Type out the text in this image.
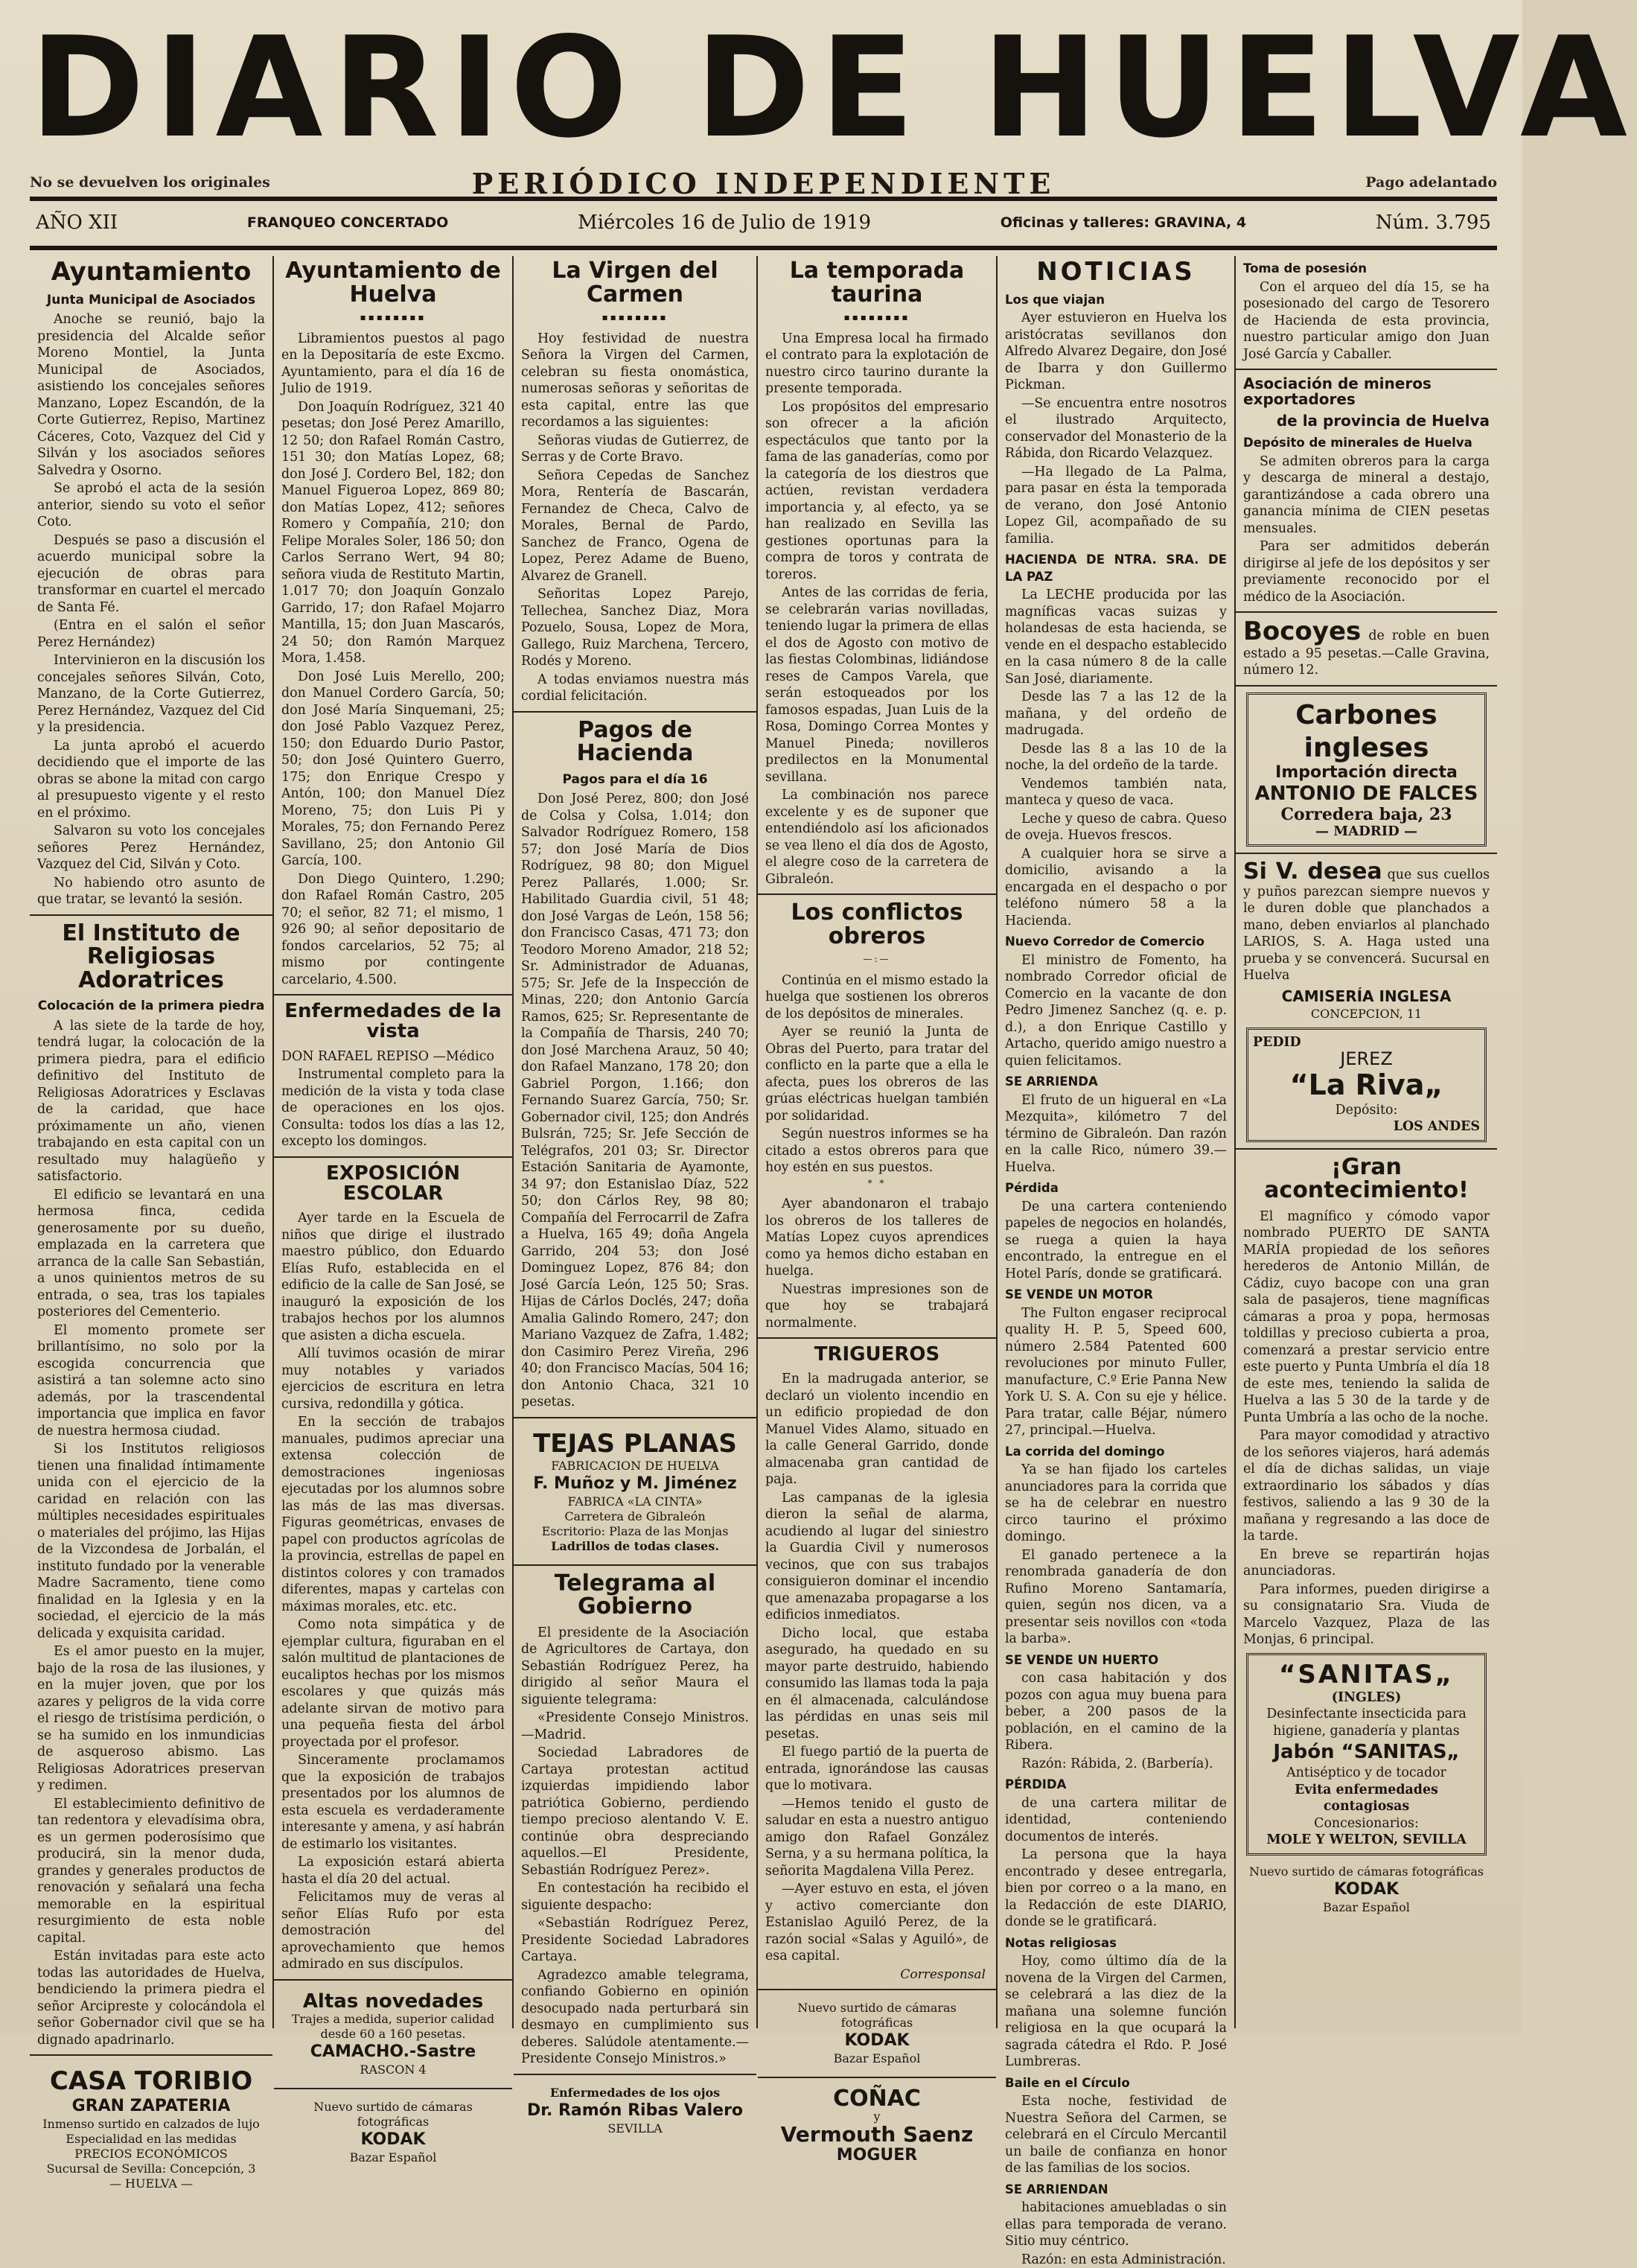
DIARIO DE HUELVA
No se devuelven los originales	PERIÓDICO INDEPENDIENTE	Pago adelantado
AÑO XII	FRANQUEO CONCERTADO	Miércoles 16 de Julio de 1919	Oficinas y talleres: GRAVINA, 4	Núm. 3.795
Ayuntamiento
Junta Municipal de Asociados

Anoche se reunió, bajo la presidencia del Alcalde señor Moreno Montiel, la Junta Municipal de Asociados, asistiendo los concejales señores Manzano, Lopez Escandón, de la Corte Gutierrez, Repiso, Martinez Cáceres, Coto, Vazquez del Cid y Silván y los asociados señores Salvedra y Osorno.

Se aprobó el acta de la sesión anterior, siendo su voto el señor Coto.

Después se paso a discusión el acuerdo municipal sobre la ejecución de obras para transformar en cuartel el mercado de Santa Fé.

(Entra en el salón el señor Perez Hernández)

Intervinieron en la discusión los concejales señores Silván, Coto, Manzano, de la Corte Gutierrez, Perez Hernández, Vazquez del Cid y la presidencia.

La junta aprobó el acuerdo decidiendo que el importe de las obras se abone la mitad con cargo al presupuesto vigente y el resto en el próximo.

Salvaron su voto los concejales señores Perez Hernández, Vazquez del Cid, Silván y Coto.

No habiendo otro asunto de que tratar, se levantó la sesión.

El Instituto de Religiosas Adoratrices
Colocación de la primera piedra

A las siete de la tarde de hoy, tendrá lugar, la colocación de la primera piedra, para el edificio definitivo del Instituto de Religiosas Adoratrices y Esclavas de la caridad, que hace próximamente un año, vienen trabajando en esta capital con un resultado muy halagüeño y satisfactorio.

El edificio se levantará en una hermosa finca, cedida generosamente por su dueño, emplazada en la carretera que arranca de la calle San Sebastián, a unos quinientos metros de su entrada, o sea, tras los tapiales posteriores del Cementerio.

El momento promete ser brillantísimo, no solo por la escogida concurrencia que asistirá a tan solemne acto sino además, por la trascendental importancia que implica en favor de nuestra hermosa ciudad.

Si los Institutos religiosos tienen una finalidad íntimamente unida con el ejercicio de la caridad en relación con las múltiples necesidades espirituales o materiales del prójimo, las Hijas de la Vizcondesa de Jorbalán, el instituto fundado por la venerable Madre Sacramento, tiene como finalidad en la Iglesia y en la sociedad, el ejercicio de la más delicada y exquisita caridad.

Es el amor puesto en la mujer, bajo de la rosa de las ilusiones, y en la mujer joven, que por los azares y peligros de la vida corre el riesgo de tristísima perdición, o se ha sumido en los inmundicias de asqueroso abismo. Las Religiosas Adoratrices preservan y redimen.

El establecimiento definitivo de tan redentora y elevadísima obra, es un germen poderosísimo que producirá, sin la menor duda, grandes y generales productos de renovación y señalará una fecha memorable en la espiritual resurgimiento de esta noble capital.

Están invitadas para este acto todas las autoridades de Huelva, bendiciendo la primera piedra el señor Arcipreste y colocándola el señor Gobernador civil que se ha dignado apadrinarlo.

CASA TORIBIO
GRAN ZAPATERIA
Inmenso surtido en calzados de lujo
Especialidad en las medidas
PRECIOS ECONÓMICOS
Sucursal de Sevilla: Concepción, 3
— HUELVA —
Ayuntamiento de Huelva
▪▪▪▪▪▪▪▪

Libramientos puestos al pago en la Depositaría de este Excmo. Ayuntamiento, para el día 16 de Julio de 1919.

Don Joaquín Rodríguez, 321 40 pesetas; don José Perez Amarillo, 12 50; don Rafael Román Castro, 151 30; don Matías Lopez, 68; don José J. Cordero Bel, 182; don Manuel Figueroa Lopez, 869 80; don Matías Lopez, 412; señores Romero y Compañía, 210; don Felipe Morales Soler, 186 50; don Carlos Serrano Wert, 94 80; señora viuda de Restituto Martin, 1.017 70; don Joaquín Gonzalo Garrido, 17; don Rafael Mojarro Mantilla, 15; don Juan Mascarós, 24 50; don Ramón Marquez Mora, 1.458.

Don José Luis Merello, 200; don Manuel Cordero García, 50; don José María Sinquemani, 25; don José Pablo Vazquez Perez, 150; don Eduardo Durio Pastor, 50; don José Quintero Guerro, 175; don Enrique Crespo y Antón, 100; don Manuel Díez Moreno, 75; don Luis Pi y Morales, 75; don Fernando Perez Savillano, 25; don Antonio Gil García, 100.

Don Diego Quintero, 1.290; don Rafael Román Castro, 205 70; el señor, 82 71; el mismo, 1 926 90; al señor depositario de fondos carcelarios, 52 75; al mismo por contingente carcelario, 4.500.

Enfermedades de la vista

DON RAFAEL REPISO —Médico

Instrumental completo para la medición de la vista y toda clase de operaciones en los ojos. Consulta: todos los días a las 12, excepto los domingos.

EXPOSICIÓN ESCOLAR

Ayer tarde en la Escuela de niños que dirige el ilustrado maestro público, don Eduardo Elías Rufo, establecida en el edificio de la calle de San José, se inauguró la exposición de los trabajos hechos por los alumnos que asisten a dicha escuela.

Allí tuvimos ocasión de mirar muy notables y variados ejercicios de escritura en letra cursiva, redondilla y gótica.

En la sección de trabajos manuales, pudimos apreciar una extensa colección de demostraciones ingeniosas ejecutadas por los alumnos sobre las más de las mas diversas. Figuras geométricas, envases de papel con productos agrícolas de la provincia, estrellas de papel en distintos colores y con tramados diferentes, mapas y cartelas con máximas morales, etc. etc.

Como nota simpática y de ejemplar cultura, figuraban en el salón multitud de plantaciones de eucaliptos hechas por los mismos escolares y que quizás más adelante sirvan de motivo para una pequeña fiesta del árbol proyectada por el profesor.

Sinceramente proclamamos que la exposición de trabajos presentados por los alumnos de esta escuela es verdaderamente interesante y amena, y así habrán de estimarlo los visitantes.

La exposición estará abierta hasta el día 20 del actual.

Felicitamos muy de veras al señor Elías Rufo por esta demostración del aprovechamiento que hemos admirado en sus discípulos.

Altas novedades
Trajes a medida, superior calidad desde 60 a 160 pesetas.
CAMACHO.-Sastre
RASCON 4
Nuevo surtido de cámaras fotográficas
KODAK
Bazar Español
La Virgen del Carmen
▪▪▪▪▪▪▪▪

Hoy festividad de nuestra Señora la Virgen del Carmen, celebran su fiesta onomástica, numerosas señoras y señoritas de esta capital, entre las que recordamos a las siguientes:

Señoras viudas de Gutierrez, de Serras y de Corte Bravo.

Señora Cepedas de Sanchez Mora, Rentería de Bascarán, Fernandez de Checa, Calvo de Morales, Bernal de Pardo, Sanchez de Franco, Ogena de Lopez, Perez Adame de Bueno, Alvarez de Granell.

Señoritas Lopez Parejo, Tellechea, Sanchez Diaz, Mora Pozuelo, Sousa, Lopez de Mora, Gallego, Ruiz Marchena, Tercero, Rodés y Moreno.

A todas enviamos nuestra más cordial felicitación.

Pagos de Hacienda
Pagos para el día 16

Don José Perez, 800; don José de Colsa y Colsa, 1.014; don Salvador Rodríguez Romero, 158 57; don José María de Dios Rodríguez, 98 80; don Miguel Perez Pallarés, 1.000; Sr. Habilitado Guardia civil, 51 48; don José Vargas de León, 158 56; don Francisco Casas, 471 73; don Teodoro Moreno Amador, 218 52; Sr. Administrador de Aduanas, 575; Sr. Jefe de la Inspección de Minas, 220; don Antonio García Ramos, 625; Sr. Representante de la Compañía de Tharsis, 240 70; don José Marchena Arauz, 50 40; don Rafael Manzano, 178 20; don Gabriel Porgon, 1.166; don Fernando Suarez García, 750; Sr. Gobernador civil, 125; don Andrés Bulsrán, 725; Sr. Jefe Sección de Telégrafos, 201 03; Sr. Director Estación Sanitaria de Ayamonte, 34 97; don Estanislao Díaz, 522 50; don Cárlos Rey, 98 80; Compañía del Ferrocarril de Zafra a Huelva, 165 49; doña Angela Garrido, 204 53; don José Dominguez Lopez, 876 84; don José García León, 125 50; Sras. Hijas de Cárlos Doclés, 247; doña Amalia Galindo Romero, 247; don Mariano Vazquez de Zafra, 1.482; don Casimiro Perez Vireña, 296 40; don Francisco Macías, 504 16; don Antonio Chaca, 321 10 pesetas.

TEJAS PLANAS
FABRICACION DE HUELVA
F. Muñoz y M. Jiménez
FABRICA «LA CINTA»
Carretera de Gibraleón
Escritorio: Plaza de las Monjas
Ladrillos de todas clases.
Telegrama al Gobierno

El presidente de la Asociación de Agricultores de Cartaya, don Sebastián Rodríguez Perez, ha dirigido al señor Maura el siguiente telegrama:

«Presidente Consejo Ministros.—Madrid.

Sociedad Labradores de Cartaya protestan actitud izquierdas impidiendo labor patriótica Gobierno, perdiendo tiempo precioso alentando V. E. continúe obra despreciando aquellos.—El Presidente, Sebastián Rodríguez Perez».

En contestación ha recibido el siguiente despacho:

«Sebastián Rodríguez Perez, Presidente Sociedad Labradores Cartaya.

Agradezco amable telegrama, confiando Gobierno en opinión desocupado nada perturbará sin desmayo en cumplimiento sus deberes. Salúdole atentamente.—Presidente Consejo Ministros.»

Enfermedades de los ojos
Dr. Ramón Ribas Valero
SEVILLA
La temporada taurina
▪▪▪▪▪▪▪▪

Una Empresa local ha firmado el contrato para la explotación de nuestro circo taurino durante la presente temporada.

Los propósitos del empresario son ofrecer a la afición espectáculos que tanto por la fama de las ganaderías, como por la categoría de los diestros que actúen, revistan verdadera importancia y, al efecto, ya se han realizado en Sevilla las gestiones oportunas para la compra de toros y contrata de toreros.

Antes de las corridas de feria, se celebrarán varias novilladas, teniendo lugar la primera de ellas el dos de Agosto con motivo de las fiestas Colombinas, lidiándose reses de Campos Varela, que serán estoqueados por los famosos espadas, Juan Luis de la Rosa, Domingo Correa Montes y Manuel Pineda; novilleros predilectos en la Monumental sevillana.

La combinación nos parece excelente y es de suponer que entendiéndolo así los aficionados se vea lleno el día dos de Agosto, el alegre coso de la carretera de Gibraleón.

Los conflictos obreros
—:—

Continúa en el mismo estado la huelga que sostienen los obreros de los depósitos de minerales.

Ayer se reunió la Junta de Obras del Puerto, para tratar del conflicto en la parte que a ella le afecta, pues los obreros de las grúas eléctricas huelgan también por solidaridad.

Según nuestros informes se ha citado a estos obreros para que hoy estén en sus puestos.

* *

Ayer abandonaron el trabajo los obreros de los talleres de Matías Lopez cuyos aprendices como ya hemos dicho estaban en huelga.

Nuestras impresiones son de que hoy se trabajará normalmente.

TRIGUEROS

En la madrugada anterior, se declaró un violento incendio en un edificio propiedad de don Manuel Vides Alamo, situado en la calle General Garrido, donde almacenaba gran cantidad de paja.

Las campanas de la iglesia dieron la señal de alarma, acudiendo al lugar del siniestro la Guardia Civil y numerosos vecinos, que con sus trabajos consiguieron dominar el incendio que amenazaba propagarse a los edificios inmediatos.

Dicho local, que estaba asegurado, ha quedado en su mayor parte destruido, habiendo consumido las llamas toda la paja en él almacenada, calculándose las pérdidas en unas seis mil pesetas.

El fuego partió de la puerta de entrada, ignorándose las causas que lo motivara.

—Hemos tenido el gusto de saludar en esta a nuestro antiguo amigo don Rafael González Serna, y a su hermana política, la señorita Magdalena Villa Perez.

—Ayer estuvo en esta, el jóven y activo comerciante don Estanislao Aguiló Perez, de la razón social «Salas y Aguiló», de esa capital.

Corresponsal
Nuevo surtido de cámaras fotográficas
KODAK
Bazar Español
COÑAC
y
Vermouth Saenz
MOGUER
NOTICIAS
Los que viajan

Ayer estuvieron en Huelva los aristócratas sevillanos don Alfredo Alvarez Degaire, don José de Ibarra y don Guillermo Pickman.

—Se encuentra entre nosotros el ilustrado Arquitecto, conservador del Monasterio de la Rábida, don Ricardo Velazquez.

—Ha llegado de La Palma, para pasar en ésta la temporada de verano, don José Antonio Lopez Gil, acompañado de su familia.

HACIENDA DE NTRA. SRA. DE LA PAZ

La LECHE producida por las magníficas vacas suizas y holandesas de esta hacienda, se vende en el despacho establecido en la casa número 8 de la calle San José, diariamente.

Desde las 7 a las 12 de la mañana, y del ordeño de madrugada.

Desde las 8 a las 10 de la noche, la del ordeño de la tarde.

Vendemos también nata, manteca y queso de vaca.

Leche y queso de cabra. Queso de oveja. Huevos frescos.

A cualquier hora se sirve a domicilio, avisando a la encargada en el despacho o por teléfono número 58 a la Hacienda.

Nuevo Corredor de Comercio

El ministro de Fomento, ha nombrado Corredor oficial de Comercio en la vacante de don Pedro Jimenez Sanchez (q. e. p. d.), a don Enrique Castillo y Artacho, querido amigo nuestro a quien felicitamos.

SE ARRIENDA

El fruto de un higueral en «La Mezquita», kilómetro 7 del término de Gibraleón. Dan razón en la calle Rico, número 39.—Huelva.

Pérdida

De una cartera conteniendo papeles de negocios en holandés, se ruega a quien la haya encontrado, la entregue en el Hotel París, donde se gratificará.

SE VENDE UN MOTOR

The Fulton engaser reciprocal quality H. P. 5, Speed 600, número 2.584 Patented 600 revoluciones por minuto Fuller, manufacture, C.º Erie Panna New York U. S. A. Con su eje y hélice. Para tratar, calle Béjar, número 27, principal.—Huelva.

La corrida del domingo

Ya se han fijado los carteles anunciadores para la corrida que se ha de celebrar en nuestro circo taurino el próximo domingo.

El ganado pertenece a la renombrada ganadería de don Rufino Moreno Santamaría, quien, según nos dicen, va a presentar seis novillos con «toda la barba».

SE VENDE UN HUERTO

con casa habitación y dos pozos con agua muy buena para beber, a 200 pasos de la población, en el camino de la Ribera.

Razón: Rábida, 2. (Barbería).

PÉRDIDA

de una cartera militar de identidad, conteniendo documentos de interés.

La persona que la haya encontrado y desee entregarla, bien por correo o a la mano, en la Redacción de este DIARIO, donde se le gratificará.

Notas religiosas

Hoy, como último día de la novena de la Virgen del Carmen, se celebrará a las diez de la mañana una solemne función religiosa en la que ocupará la sagrada cátedra el Rdo. P. José Lumbreras.

Baile en el Círculo

Esta noche, festividad de Nuestra Señora del Carmen, se celebrará en el Círculo Mercantil un baile de confianza en honor de las familias de los socios.

SE ARRIENDAN

habitaciones amuebladas o sin ellas para temporada de verano. Sitio muy céntrico.

Razón: en esta Administración.

Toma de posesión

Con el arqueo del día 15, se ha posesionado del cargo de Tesorero de Hacienda de esta provincia, nuestro particular amigo don Juan José García y Caballer.

Asociación de mineros exportadores
de la provincia de Huelva
Depósito de minerales de Huelva

Se admiten obreros para la carga y descarga de mineral a destajo, garantizándose a cada obrero una ganancia mínima de CIEN pesetas mensuales.

Para ser admitidos deberán dirigirse al jefe de los depósitos y ser previamente reconocido por el médico de la Asociación.

Bocoyes de roble en buen estado a 95 pesetas.—Calle Gravina, número 12.
Carbones ingleses
Importación directa
ANTONIO DE FALCES
Corredera baja, 23
— MADRID —
Si V. desea que sus cuellos y puños parezcan siempre nuevos y le duren doble que planchados a mano, deben enviarlos al planchado LARIOS, S. A. Haga usted una prueba y se convencerá. Sucursal en Huelva
CAMISERÍA INGLESA
CONCEPCION, 11
PEDID
JEREZ
“La Riva„
Depósito:
LOS ANDES
¡Gran acontecimiento!

El magnífico y cómodo vapor nombrado PUERTO DE SANTA MARÍA propiedad de los señores herederos de Antonio Millán, de Cádiz, cuyo bacope con una gran sala de pasajeros, tiene magníficas cámaras a proa y popa, hermosas toldillas y precioso cubierta a proa, comenzará a prestar servicio entre este puerto y Punta Umbría el día 18 de este mes, teniendo la salida de Huelva a las 5 30 de la tarde y de Punta Umbría a las ocho de la noche.

Para mayor comodidad y atractivo de los señores viajeros, hará además el día de dichas salidas, un viaje extraordinario los sábados y días festivos, saliendo a las 9 30 de la mañana y regresando a las doce de la tarde.

En breve se repartirán hojas anunciadoras.

Para informes, pueden dirigirse a su consignatario Sra. Viuda de Marcelo Vazquez, Plaza de las Monjas, 6 principal.

“SANITAS„
(INGLES)
Desinfectante insecticida para higiene, ganadería y plantas
Jabón “SANITAS„
Antiséptico y de tocador
Evita enfermedades contagiosas
Concesionarios:
MOLE Y WELTON, SEVILLA
Nuevo surtido de cámaras fotográficas
KODAK
Bazar Español
